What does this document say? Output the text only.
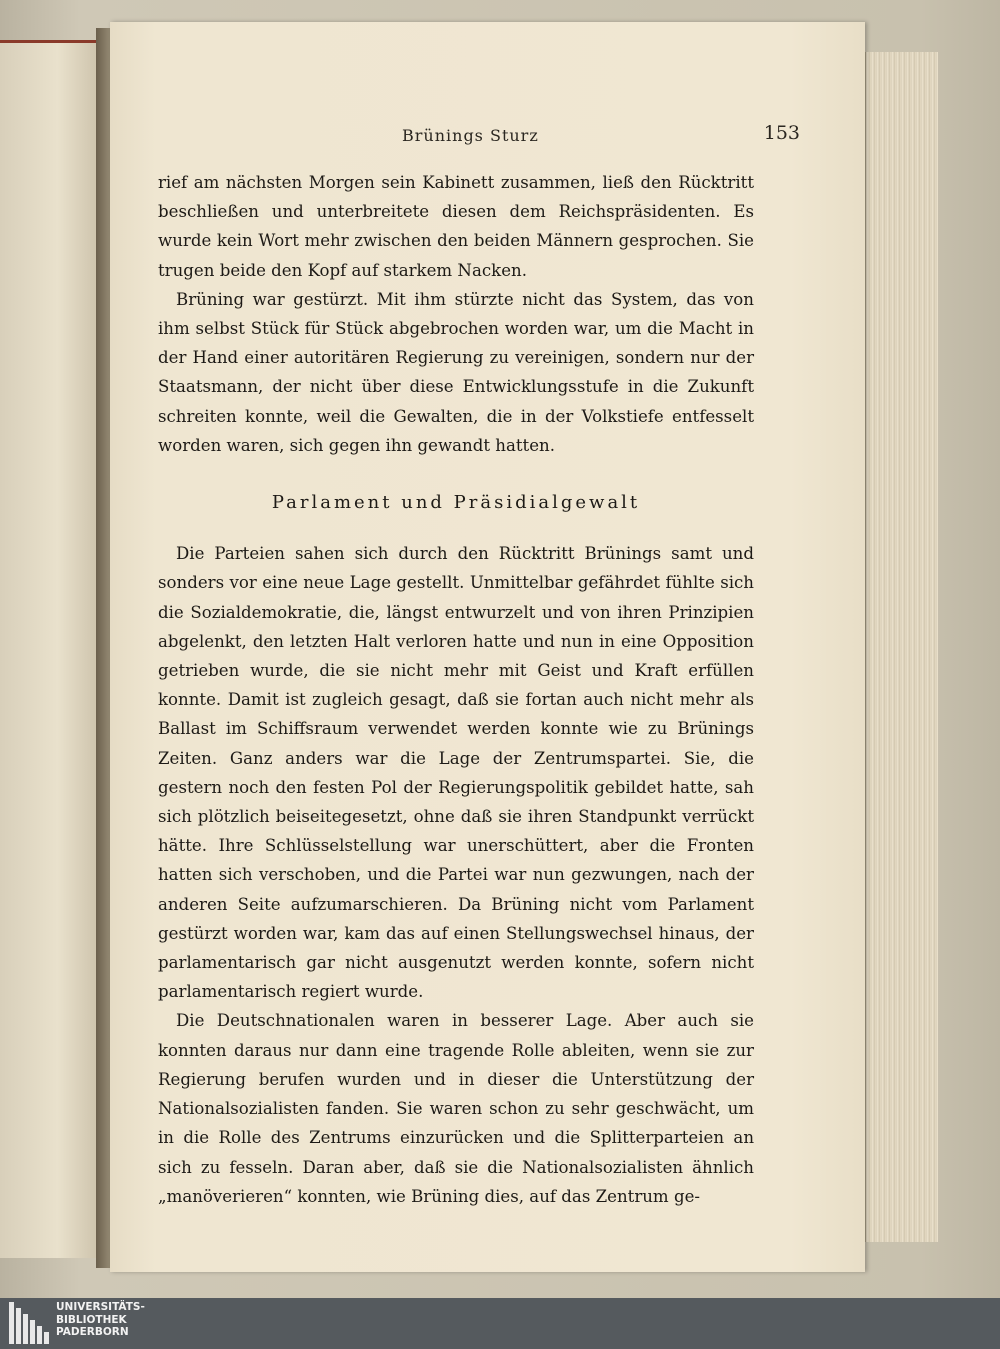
Brünings Sturz	153

rief am nächsten Morgen sein Kabinett zusammen, ließ den Rücktritt beschließen und unterbreitete diesen dem Reichspräsidenten. Es wurde kein Wort mehr zwischen den beiden Männern gesprochen. Sie trugen beide den Kopf auf starkem Nacken.

Brüning war gestürzt. Mit ihm stürzte nicht das System, das von ihm selbst Stück für Stück abgebrochen worden war, um die Macht in der Hand einer autoritären Regierung zu vereinigen, sondern nur der Staatsmann, der nicht über diese Entwicklungsstufe in die Zukunft schreiten konnte, weil die Gewalten, die in der Volkstiefe entfesselt worden waren, sich gegen ihn gewandt hatten.

Parlament und Präsidialgewalt

Die Parteien sahen sich durch den Rücktritt Brünings samt und sonders vor eine neue Lage gestellt. Unmittelbar gefährdet fühlte sich die Sozialdemokratie, die, längst entwurzelt und von ihren Prinzipien abgelenkt, den letzten Halt verloren hatte und nun in eine Opposition getrieben wurde, die sie nicht mehr mit Geist und Kraft erfüllen konnte. Damit ist zugleich gesagt, daß sie fortan auch nicht mehr als Ballast im Schiffsraum verwendet werden konnte wie zu Brünings Zeiten. Ganz anders war die Lage der Zentrumspartei. Sie, die gestern noch den festen Pol der Regierungspolitik gebildet hatte, sah sich plötzlich beiseitegesetzt, ohne daß sie ihren Standpunkt verrückt hätte. Ihre Schlüsselstellung war unerschüttert, aber die Fronten hatten sich verschoben, und die Partei war nun gezwungen, nach der anderen Seite aufzumarschieren. Da Brüning nicht vom Parlament gestürzt worden war, kam das auf einen Stellungswechsel hinaus, der parlamentarisch gar nicht ausgenutzt werden konnte, sofern nicht parlamentarisch regiert wurde.

Die Deutschnationalen waren in besserer Lage. Aber auch sie konnten daraus nur dann eine tragende Rolle ableiten, wenn sie zur Regierung berufen wurden und in dieser die Unterstützung der Nationalsozialisten fanden. Sie waren schon zu sehr geschwächt, um in die Rolle des Zentrums einzurücken und die Splitterparteien an sich zu fesseln. Daran aber, daß sie die Nationalsozialisten ähnlich „manöverieren“ konnten, wie Brüning dies, auf das Zentrum ge-

UNIVERSITÄTS-
BIBLIOTHEK
PADERBORN
